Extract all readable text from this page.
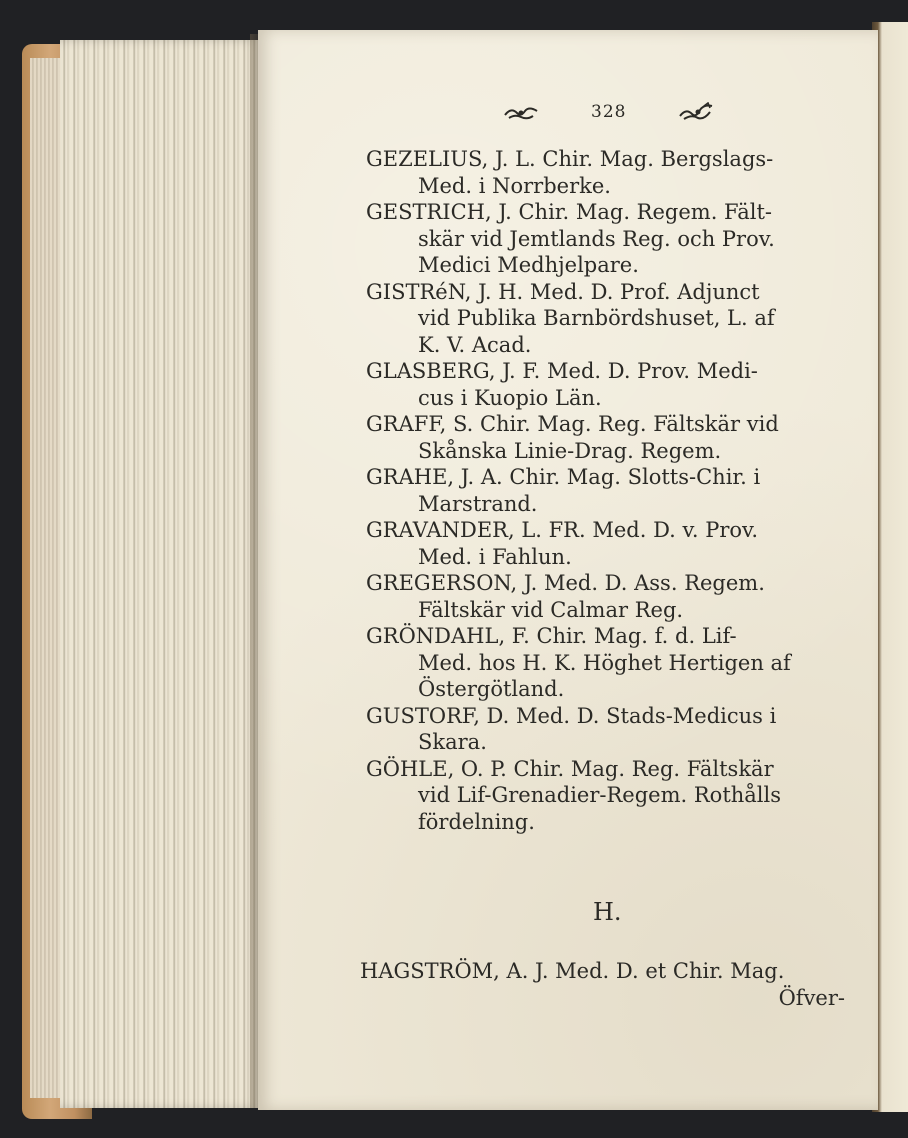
328
GEZELIUS, J. L. Chir. Mag. Bergslags-
Med. i Norrberke.
GESTRICH, J. Chir. Mag. Regem. Fält-
skär vid Jemtlands Reg. och Prov.
Medici Medhjelpare.
GISTRéN, J. H. Med. D. Prof. Adjunct
vid Publika Barnbördshuset, L. af
K. V. Acad.
GLASBERG, J. F. Med. D. Prov. Medi-
cus i Kuopio Län.
GRAFF, S. Chir. Mag. Reg. Fältskär vid
Skånska Linie-Drag. Regem.
GRAHE, J. A. Chir. Mag. Slotts-Chir. i
Marstrand.
GRAVANDER, L. FR. Med. D. v. Prov.
Med. i Fahlun.
GREGERSON, J. Med. D. Ass. Regem.
Fältskär vid Calmar Reg.
GRÖNDAHL, F. Chir. Mag. f. d. Lif-
Med. hos H. K. Höghet Hertigen af
Östergötland.
GUSTORF, D. Med. D. Stads-Medicus i
Skara.
GÖHLE, O. P. Chir. Mag. Reg. Fältskär
vid Lif-Grenadier-Regem. Rothålls
fördelning.
H.
HAGSTRÖM, A. J. Med. D. et Chir. Mag.
Öfver-
